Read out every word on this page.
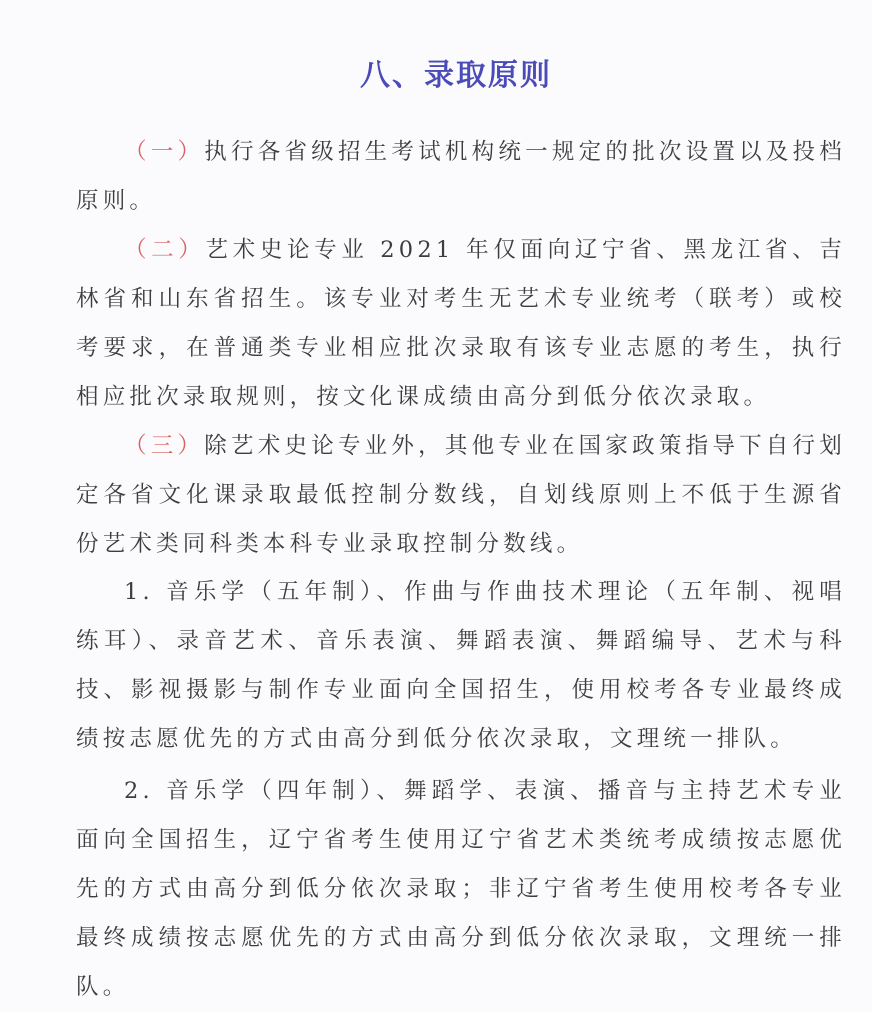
八、录取原则
（一）执行各省级招生考试机构统一规定的批次设置以及投档原则。
（二）艺术史论专业 2021 年仅面向辽宁省、黑龙江省、吉林省和山东省招生。该专业对考生无艺术专业统考（联考）或校考要求，在普通类专业相应批次录取有该专业志愿的考生，执行相应批次录取规则，按文化课成绩由高分到低分依次录取。
（三）除艺术史论专业外，其他专业在国家政策指导下自行划定各省文化课录取最低控制分数线，自划线原则上不低于生源省份艺术类同科类本科专业录取控制分数线。
1. 音乐学（五年制）、作曲与作曲技术理论（五年制、视唱练耳）、录音艺术、音乐表演、舞蹈表演、舞蹈编导、艺术与科技、影视摄影与制作专业面向全国招生，使用校考各专业最终成绩按志愿优先的方式由高分到低分依次录取，文理统一排队。
2. 音乐学（四年制）、舞蹈学、表演、播音与主持艺术专业面向全国招生，辽宁省考生使用辽宁省艺术类统考成绩按志愿优先的方式由高分到低分依次录取；非辽宁省考生使用校考各专业最终成绩按志愿优先的方式由高分到低分依次录取，文理统一排队。
